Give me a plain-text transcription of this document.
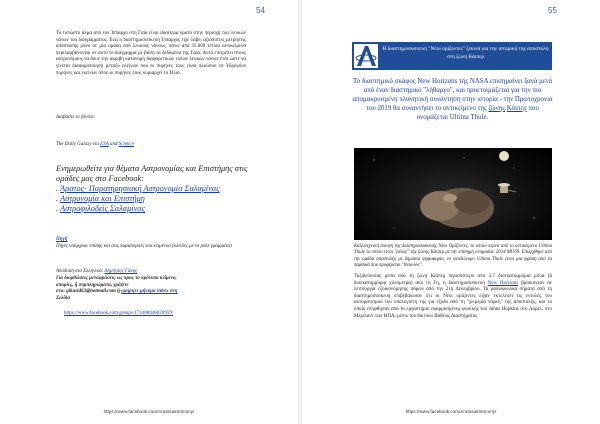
54
Το τυπώστο άλμα από τον Ίππαρχο στη Γαία είναι ιδιαίτερα ορατό στην περιοχή των λευκών νάνων του διαγράμματος. Ενώ η διαστημοσυσκευή Ίππαρχος είχε λάβει αξιόπιστες μετρήσεις απόστασης μόνο σε μια ομάδα από λευκούς νάνους, πάνω από 35.000 τέτοια αντικείμενα περιλαμβάνονται σε αυτό το διάγραμμα με βάση τα δεδομένα της Γαία. Αυτό επιτρέπει στους αστρονόμους να δουν την ακριβή κατανομή διαφορετικών τύπων λευκών νάνων έτσι ώστε να γίνεται διαφοροποίηση μεταξύ εκείνων που οι πυρήνες τους είναι πλούσιοι σε Υδρογόνο πυρήνες και εκείνων όπου οι πυρήνες τους κυριαρχεί το Ήλιο.
Διαβάστε το βίντεο:
The Daily Galaxy via ESA and Science
Ενημερωθείτε για θέματα Αστρονομίας και Επιστήμης στις ομάδες μας στο Facebook:
. Άρατος- Παρατηρησιακή Αστρονομία Σαλαμίνας
. Αστρονομία και Επιστήμη
. Αστροφιλοδείς Σαλαμίνας
Πηγή
Πηγές υπάρχουν επίσης και στις παραπομπές του κειμένου (κλείδες με τα μπλε γράμματα)
Απόδοση στα Ελληνικά: Δημήτρης Γάκης
Για διορθώσεις μεταφράσεις ως προς το πρότυπο κείμενο,
απορίες, ή συμπληρώματα, γράψτε
στο: gikasid63@hotmail.com ή ομηρητε μήνυμα inbox στη
Σελίδα
https://www.facebook.com/groups/174408446026959/
https://www.facebook.com/Aratosastronomy/
55
Η διαστημοσυσκευή "Νέοι ορίζοντες" ξεκινά για την ιστορική της αποστολή στη ζώνη Κάιπερ
Το διαστημικό σκάφος New Horizons της NASA επισημαίνει ξανά μετά από έναν διαστημικό "λήθαργο", και προετοιμάζεται για την πιο απομακρυσμένη πλανητική συνάντηση στην ιστορία - την Πρωτοχρονιά του 2019 θα συναντήσει το αντικείμενο της ζώνης Κάιπερ που ονομάζεται Ultima Thule.
Καλλιτεχνική άποψη της διαστημοσυσκευής Νέοι Ορίζοντες, το οποίο περνά από το αντικείμενο Ultima Thule το οποίο είναι "μέλος" της ζώνης Κάιπερ με την επίσημη ονομασία: 2014 MU69. Επιλέχθηκε από την ομάδα αποστολής με δημόσια ψηφοφορία, το ψευδώνυμο Ultima Thule είναι μια φράση από τα παρθικά που προφέρεται "thoo-lee".
Ταξιδεύοντας μέσα από τη ζώνη Κάιπερ περισσότερο από 3.7 δισεκατομμύρια μίλια (6 δισεκατομμύρια χιλιόμετρα) από τη Γη, η διαστημοσυσκευή New Horizons βρίσκονταν σε λειτουργία εξοικονόμησης πόρων από την 21η Δεκεμβρίου. Τα ραδιοφωνικά σήματα από τη διαστημοσυσκευή επιβεβαίωσαν ότι οι Νέοι ορίζοντες είχαν εκτελέσει τις εντολές του αυτοματισμού του υπολογιστή της για έξοδο από τη "χειμερία νάρκη" της αποστολής, και το οποίο ελήφθησαν από το εργαστήριο εφαρμοσμένης φυσικής του Johns Hopkins στο Λόρελ, στο Μέριλαντ των ΗΠΑ, μέσω του δικτύου Βαθέως Διαστήματος
https://www.facebook.com/Aratosastronomy/
